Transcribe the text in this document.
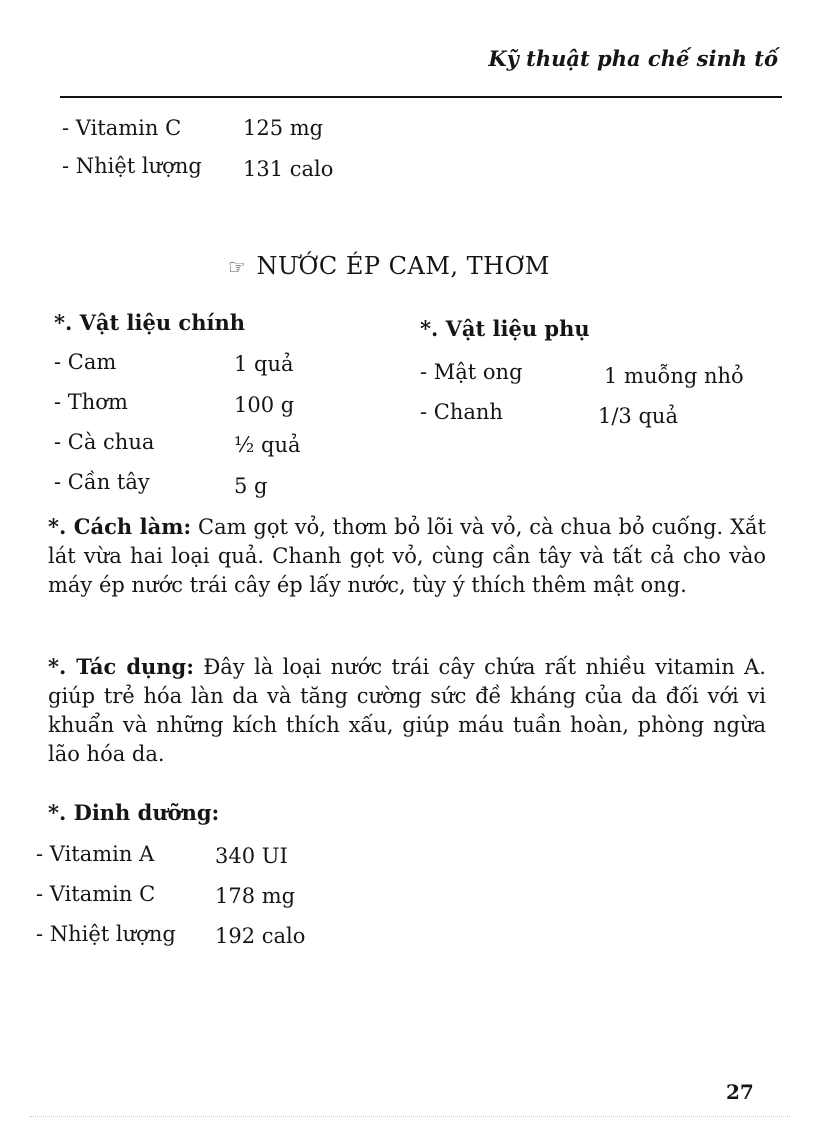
Kỹ thuật pha chế sinh tố
- Vitamin C	125 mg
- Nhiệt lượng 131 calo
☞ NƯỚC ÉP CAM, THƠM
*. Vật liệu chính
- Cam	1 quả
- Thơm	100 g
- Cà chua	½ quả
- Cần tây	5 g
*. Vật liệu phụ
- Mật ong	1 muỗng nhỏ
- Chanh	1/3 quả
*. Cách làm: Cam gọt vỏ, thơm bỏ lõi và vỏ, cà chua bỏ cuống. Xắt lát vừa hai loại quả. Chanh gọt vỏ, cùng cần tây và tất cả cho vào máy ép nước trái cây ép lấy nước, tùy ý thích thêm mật ong.
*. Tác dụng: Đây là loại nước trái cây chứa rất nhiều vitamin A. giúp trẻ hóa làn da và tăng cường sức đề kháng của da đối với vi khuẩn và những kích thích xấu, giúp máu tuần hoàn, phòng ngừa lão hóa da.
*. Dinh dưỡng:
- Vitamin A	340 UI
- Vitamin C	178 mg
- Nhiệt lượng 192 calo
27
